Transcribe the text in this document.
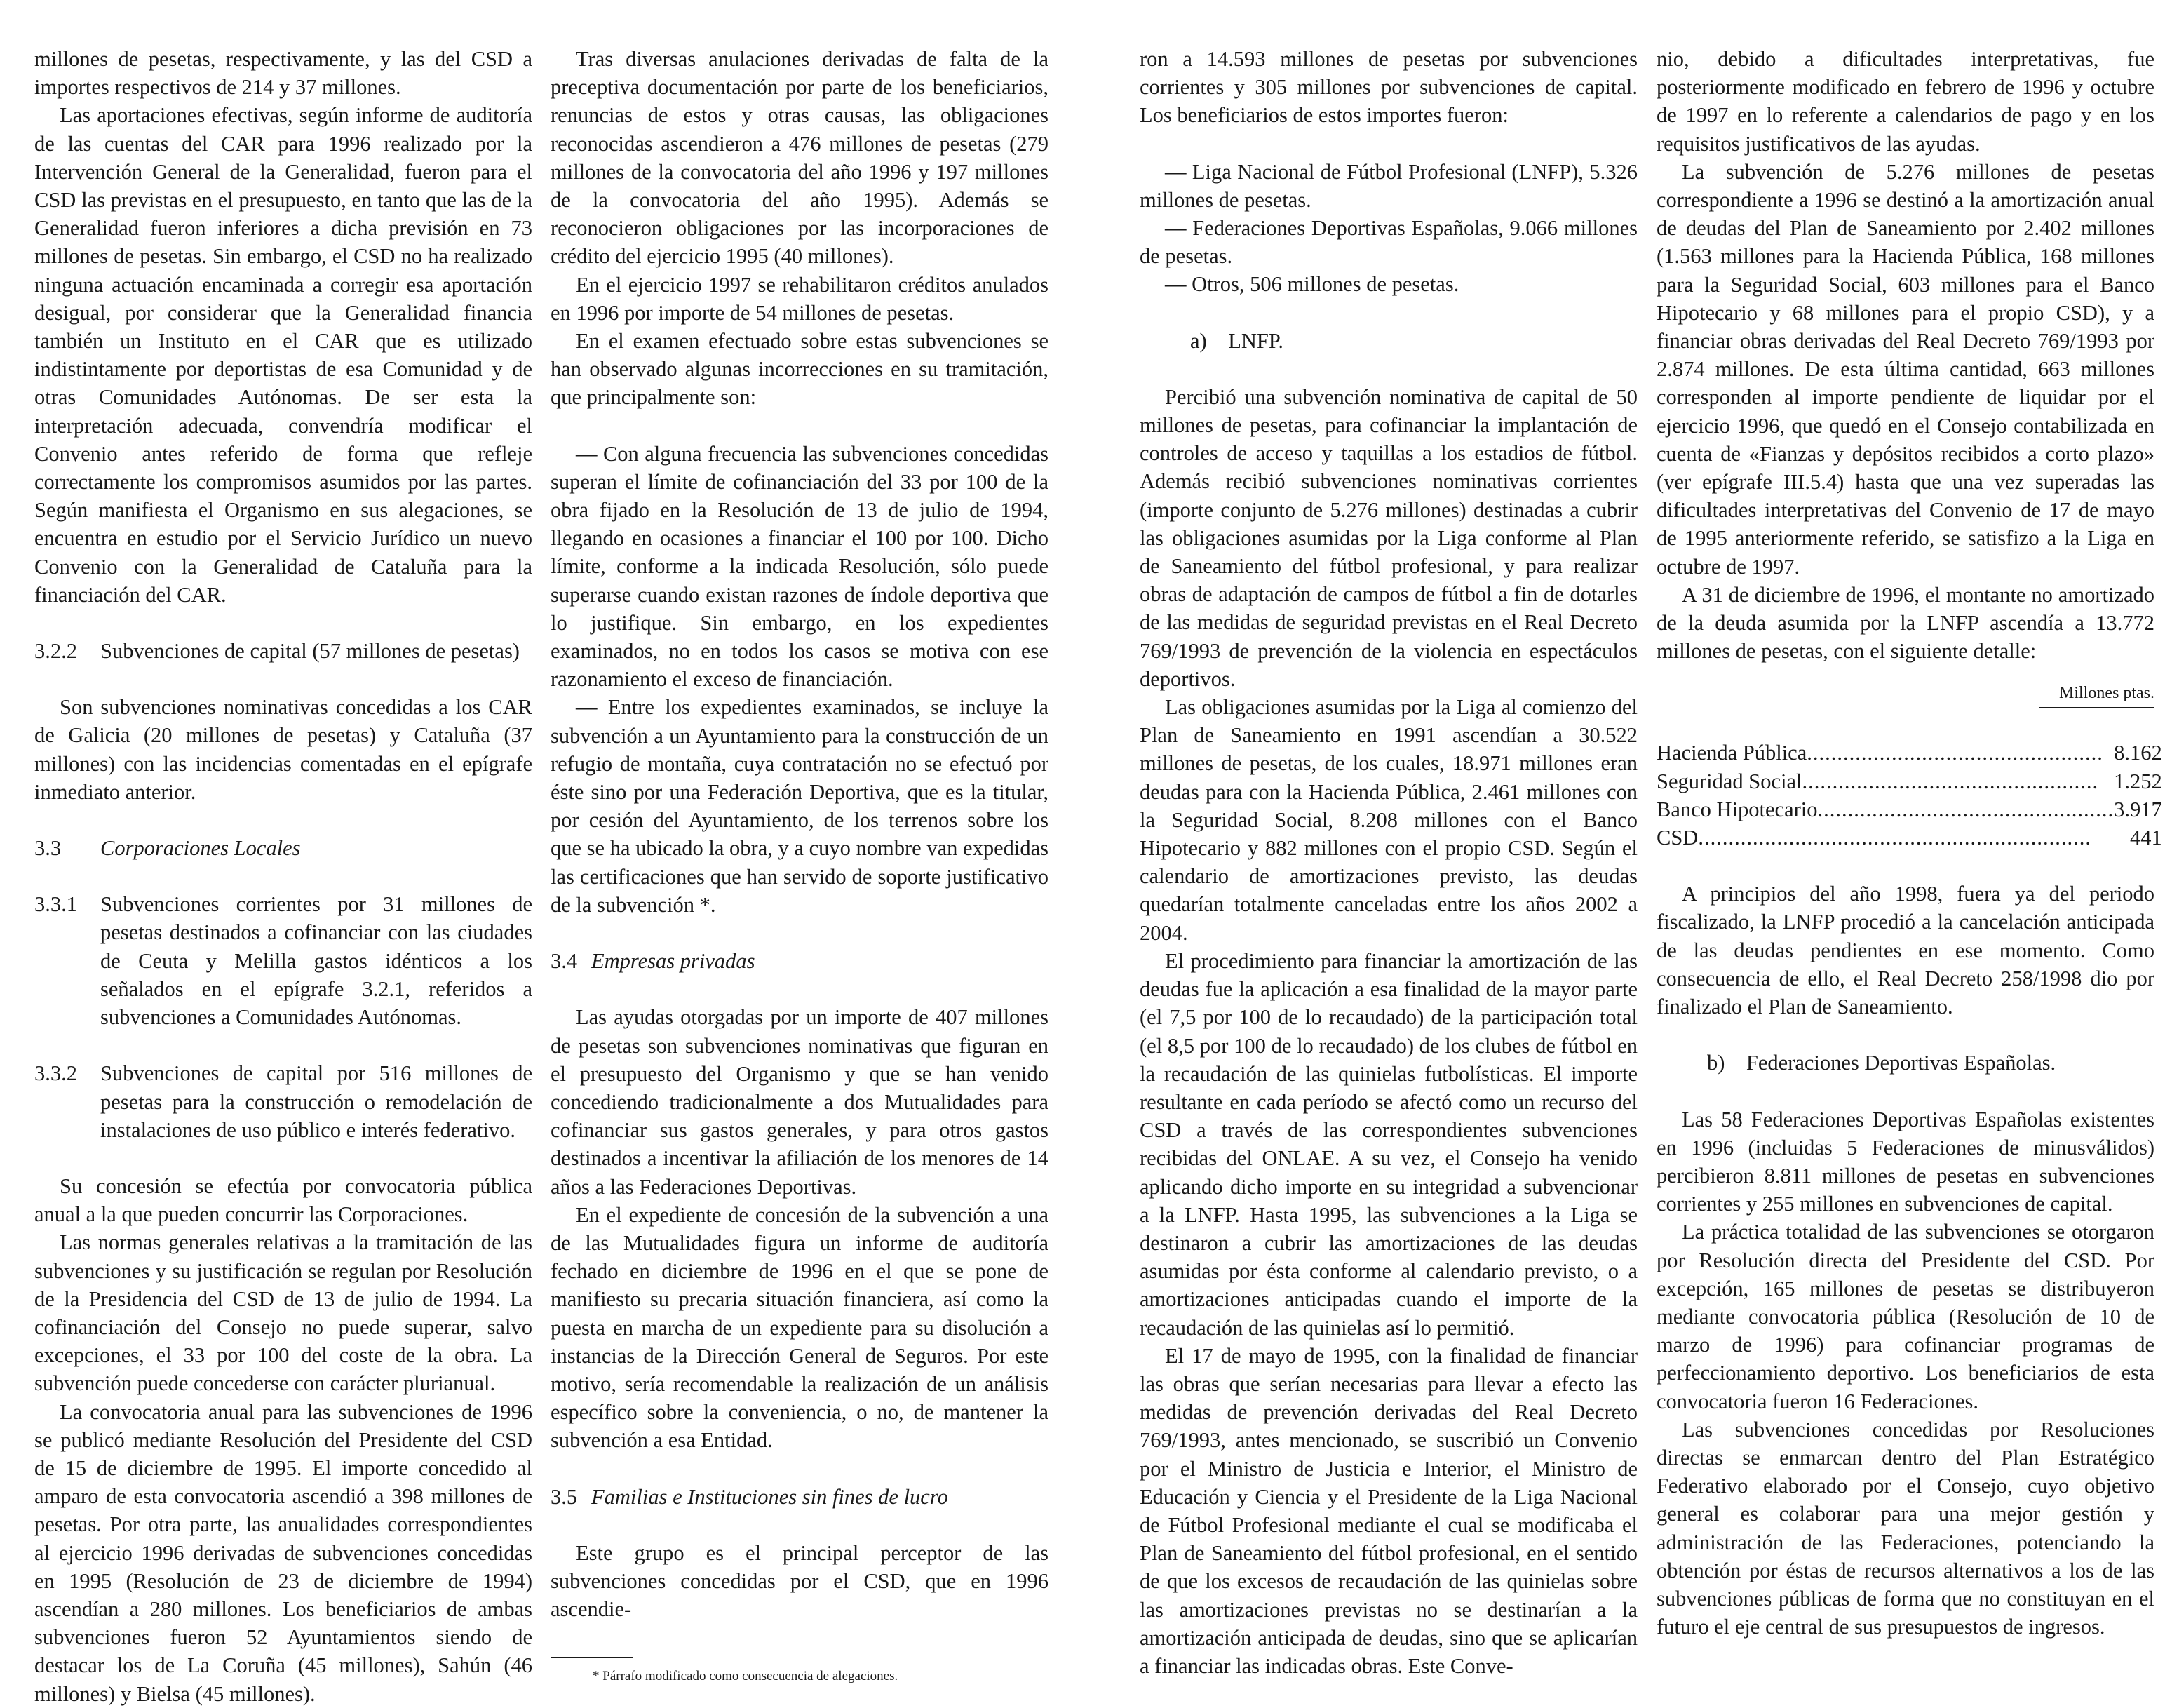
millones de pesetas, respectivamente, y las del CSD a importes respectivos de 214 y 37 millones.

Las aportaciones efectivas, según informe de auditoría de las cuentas del CAR para 1996 realizado por la Intervención General de la Generalidad, fueron para el CSD las previstas en el presupuesto, en tanto que las de la Generalidad fueron inferiores a dicha previsión en 73 millones de pesetas. Sin embargo, el CSD no ha realizado ninguna actuación encaminada a corregir esa aportación desigual, por considerar que la Generalidad financia también un Instituto en el CAR que es utilizado indistintamente por deportistas de esa Comunidad y de otras Comunidades Autónomas. De ser esta la interpretación adecuada, convendría modificar el Convenio antes referido de forma que refleje correctamente los compromisos asumidos por las partes. Según manifiesta el Organismo en sus alegaciones, se encuentra en estudio por el Servicio Jurídico un nuevo Convenio con la Generalidad de Cataluña para la financiación del CAR.

3.2.2	Subvenciones de capital (57 millones de pesetas)

Son subvenciones nominativas concedidas a los CAR de Galicia (20 millones de pesetas) y Cataluña (37 millones) con las incidencias comentadas en el epígrafe inmediato anterior.

3.3	Corporaciones Locales
3.3.1	Subvenciones corrientes por 31 millones de pesetas destinados a cofinanciar con las ciudades de Ceuta y Melilla gastos idénticos a los señalados en el epígrafe 3.2.1, referidos a subvenciones a Comunidades Autónomas.
3.3.2	Subvenciones de capital por 516 millones de pesetas para la construcción o remodelación de instalaciones de uso público e interés federativo.

Su concesión se efectúa por convocatoria pública anual a la que pueden concurrir las Corporaciones.

Las normas generales relativas a la tramitación de las subvenciones y su justificación se regulan por Resolución de la Presidencia del CSD de 13 de julio de 1994. La cofinanciación del Consejo no puede superar, salvo excepciones, el 33 por 100 del coste de la obra. La subvención puede concederse con carácter plurianual.

La convocatoria anual para las subvenciones de 1996 se publicó mediante Resolución del Presidente del CSD de 15 de diciembre de 1995. El importe concedido al amparo de esta convocatoria ascendió a 398 millones de pesetas. Por otra parte, las anualidades correspondientes al ejercicio 1996 derivadas de subvenciones concedidas en 1995 (Resolución de 23 de diciembre de 1994) ascendían a 280 millones. Los beneficiarios de ambas subvenciones fueron 52 Ayuntamientos siendo de destacar los de La Coruña (45 millones), Sahún (46 millones) y Bielsa (45 millones).

Tras diversas anulaciones derivadas de falta de la preceptiva documentación por parte de los beneficiarios, renuncias de estos y otras causas, las obligaciones reconocidas ascendieron a 476 millones de pesetas (279 millones de la convocatoria del año 1996 y 197 millones de la convocatoria del año 1995). Además se reconocieron obligaciones por las incorporaciones de crédito del ejercicio 1995 (40 millones).

En el ejercicio 1997 se rehabilitaron créditos anulados en 1996 por importe de 54 millones de pesetas.

En el examen efectuado sobre estas subvenciones se han observado algunas incorrecciones en su tramitación, que principalmente son:

— Con alguna frecuencia las subvenciones concedidas superan el límite de cofinanciación del 33 por 100 de la obra fijado en la Resolución de 13 de julio de 1994, llegando en ocasiones a financiar el 100 por 100. Dicho límite, conforme a la indicada Resolución, sólo puede superarse cuando existan razones de índole deportiva que lo justifique. Sin embargo, en los expedientes examinados, no en todos los casos se motiva con ese razonamiento el exceso de financiación.

— Entre los expedientes examinados, se incluye la subvención a un Ayuntamiento para la construcción de un refugio de montaña, cuya contratación no se efectuó por éste sino por una Federación Deportiva, que es la titular, por cesión del Ayuntamiento, de los terrenos sobre los que se ha ubicado la obra, y a cuyo nombre van expedidas las certificaciones que han servido de soporte justificativo de la subvención *.

3.4 Empresas privadas

Las ayudas otorgadas por un importe de 407 millones de pesetas son subvenciones nominativas que figuran en el presupuesto del Organismo y que se han venido concediendo tradicionalmente a dos Mutualidades para cofinanciar sus gastos generales, y para otros gastos destinados a incentivar la afiliación de los menores de 14 años a las Federaciones Deportivas.

En el expediente de concesión de la subvención a una de las Mutualidades figura un informe de auditoría fechado en diciembre de 1996 en el que se pone de manifiesto su precaria situación financiera, así como la puesta en marcha de un expediente para su disolución a instancias de la Dirección General de Seguros. Por este motivo, sería recomendable la realización de un análisis específico sobre la conveniencia, o no, de mantener la subvención a esa Entidad.

3.5 Familias e Instituciones sin fines de lucro

Este grupo es el principal perceptor de las subvenciones concedidas por el CSD, que en 1996 ascendie-

* Párrafo modificado como consecuencia de alegaciones.

ron a 14.593 millones de pesetas por subvenciones corrientes y 305 millones por subvenciones de capital. Los beneficiarios de estos importes fueron:

— Liga Nacional de Fútbol Profesional (LNFP), 5.326 millones de pesetas.

— Federaciones Deportivas Españolas, 9.066 millones de pesetas.

— Otros, 506 millones de pesetas.

a)    LNFP.

Percibió una subvención nominativa de capital de 50 millones de pesetas, para cofinanciar la implantación de controles de acceso y taquillas a los estadios de fútbol. Además recibió subvenciones nominativas corrientes (importe conjunto de 5.276 millones) destinadas a cubrir las obligaciones asumidas por la Liga conforme al Plan de Saneamiento del fútbol profesional, y para realizar obras de adaptación de campos de fútbol a fin de dotarles de las medidas de seguridad previstas en el Real Decreto 769/1993 de prevención de la violencia en espectáculos deportivos.

Las obligaciones asumidas por la Liga al comienzo del Plan de Saneamiento en 1991 ascendían a 30.522 millones de pesetas, de los cuales, 18.971 millones eran deudas para con la Hacienda Pública, 2.461 millones con la Seguridad Social, 8.208 millones con el Banco Hipotecario y 882 millones con el propio CSD. Según el calendario de amortizaciones previsto, las deudas quedarían totalmente canceladas entre los años 2002 a 2004.

El procedimiento para financiar la amortización de las deudas fue la aplicación a esa finalidad de la mayor parte (el 7,5 por 100 de lo recaudado) de la participación total (el 8,5 por 100 de lo recaudado) de los clubes de fútbol en la recaudación de las quinielas futbolísticas. El importe resultante en cada período se afectó como un recurso del CSD a través de las correspondientes subvenciones recibidas del ONLAE. A su vez, el Consejo ha venido aplicando dicho importe en su integridad a subvencionar a la LNFP. Hasta 1995, las subvenciones a la Liga se destinaron a cubrir las amortizaciones de las deudas asumidas por ésta conforme al calendario previsto, o a amortizaciones anticipadas cuando el importe de la recaudación de las quinielas así lo permitió.

El 17 de mayo de 1995, con la finalidad de financiar las obras que serían necesarias para llevar a efecto las medidas de prevención derivadas del Real Decreto 769/1993, antes mencionado, se suscribió un Convenio por el Ministro de Justicia e Interior, el Ministro de Educación y Ciencia y el Presidente de la Liga Nacional de Fútbol Profesional mediante el cual se modificaba el Plan de Saneamiento del fútbol profesional, en el sentido de que los excesos de recaudación de las quinielas sobre las amortizaciones previstas no se destinarían a la amortización anticipada de deudas, sino que se aplicarían a financiar las indicadas obras. Este Conve-

nio, debido a dificultades interpretativas, fue posteriormente modificado en febrero de 1996 y octubre de 1997 en lo referente a calendarios de pago y en los requisitos justificativos de las ayudas.

La subvención de 5.276 millones de pesetas correspondiente a 1996 se destinó a la amortización anual de deudas del Plan de Saneamiento por 2.402 millones (1.563 millones para la Hacienda Pública, 168 millones para la Seguridad Social, 603 millones para el Banco Hipotecario y 68 millones para el propio CSD), y a financiar obras derivadas del Real Decreto 769/1993 por 2.874 millones. De esta última cantidad, 663 millones corresponden al importe pendiente de liquidar por el ejercicio 1996, que quedó en el Consejo contabilizada en cuenta de «Fianzas y depósitos recibidos a corto plazo» (ver epígrafe III.5.4) hasta que una vez superadas las dificultades interpretativas del Convenio de 17 de mayo de 1995 anteriormente referido, se satisfizo a la Liga en octubre de 1997.

A 31 de diciembre de 1996, el montante no amortizado de la deuda asumida por la LNFP ascendía a 13.772 millones de pesetas, con el siguiente detalle:

Millones ptas.
Hacienda Pública.................................................	8.162
Seguridad Social.................................................	1.252
Banco Hipotecario.................................................	3.917
CSD.................................................................	441

A principios del año 1998, fuera ya del periodo fiscalizado, la LNFP procedió a la cancelación anticipada de las deudas pendientes en ese momento. Como consecuencia de ello, el Real Decreto 258/1998 dio por finalizado el Plan de Saneamiento.

b)    Federaciones Deportivas Españolas.

Las 58 Federaciones Deportivas Españolas existentes en 1996 (incluidas 5 Federaciones de minusválidos) percibieron 8.811 millones de pesetas en subvenciones corrientes y 255 millones en subvenciones de capital.

La práctica totalidad de las subvenciones se otorgaron por Resolución directa del Presidente del CSD. Por excepción, 165 millones de pesetas se distribuyeron mediante convocatoria pública (Resolución de 10 de marzo de 1996) para cofinanciar programas de perfeccionamiento deportivo. Los beneficiarios de esta convocatoria fueron 16 Federaciones.

Las subvenciones concedidas por Resoluciones directas se enmarcan dentro del Plan Estratégico Federativo elaborado por el Consejo, cuyo objetivo general es colaborar para una mejor gestión y administración de las Federaciones, potenciando la obtención por éstas de recursos alternativos a los de las subvenciones públicas de forma que no constituyan en el futuro el eje central de sus presupuestos de ingresos.
